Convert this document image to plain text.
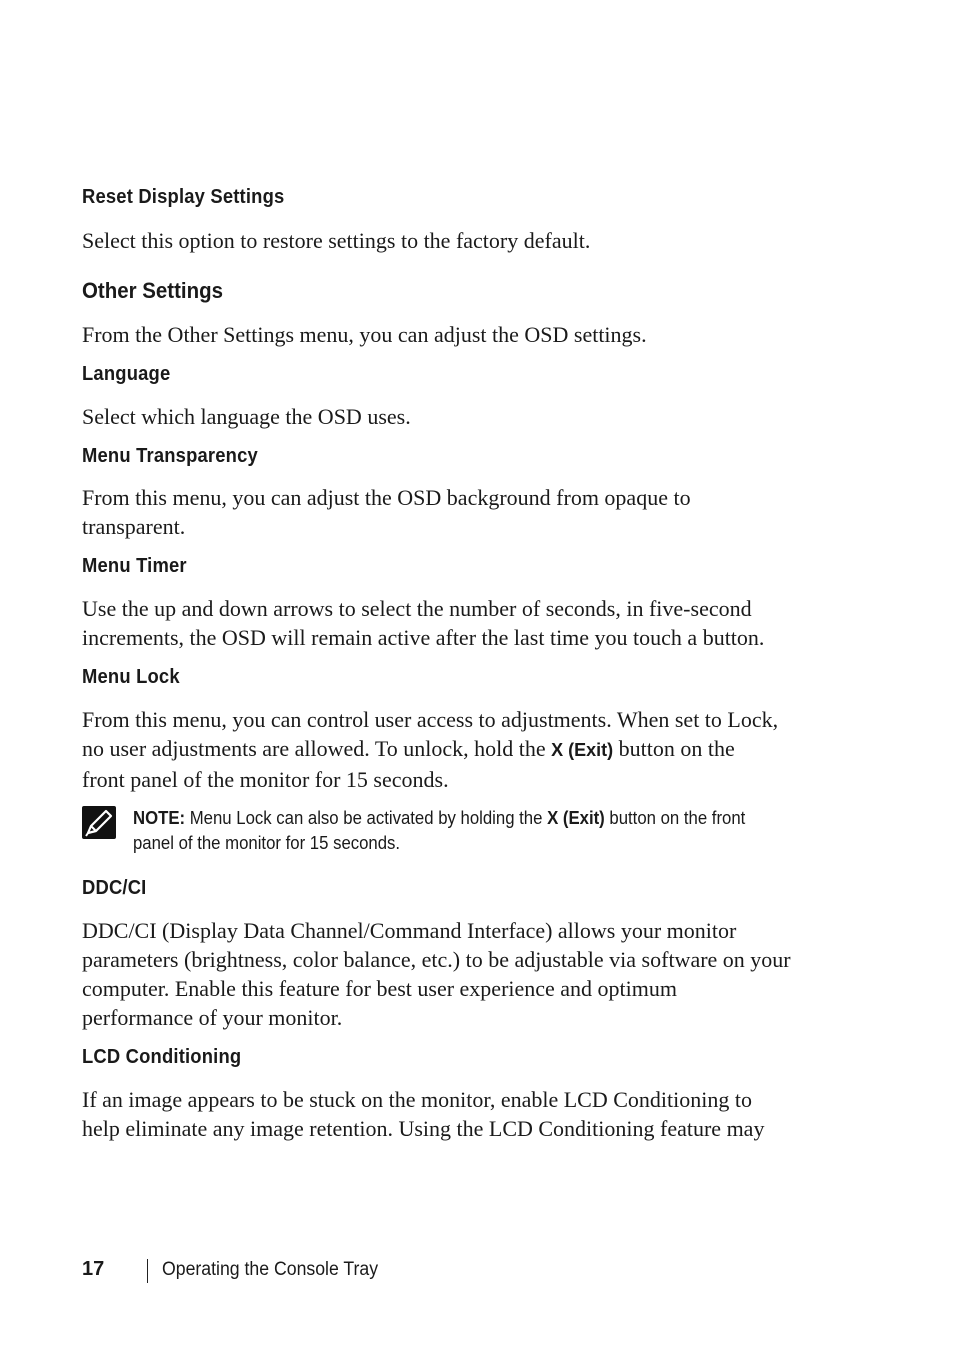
Reset Display Settings

Select this option to restore settings to the factory default.

Other Settings

From the Other Settings menu, you can adjust the OSD settings.

Language

Select which language the OSD uses.

Menu Transparency

From this menu, you can adjust the OSD background from opaque to
transparent.

Menu Timer

Use the up and down arrows to select the number of seconds, in five-second
increments, the OSD will remain active after the last time you touch a button.

Menu Lock

From this menu, you can control user access to adjustments. When set to Lock,
no user adjustments are allowed. To unlock, hold the X (Exit) button on the
front panel of the monitor for 15 seconds.

NOTE: Menu Lock can also be activated by holding the X (Exit) button on the front
panel of the monitor for 15 seconds.
DDC/CI

DDC/CI (Display Data Channel/Command Interface) allows your monitor
parameters (brightness, color balance, etc.) to be adjustable via software on your
computer. Enable this feature for best user experience and optimum
performance of your monitor.

LCD Conditioning

If an image appears to be stuck on the monitor, enable LCD Conditioning to
help eliminate any image retention. Using the LCD Conditioning feature may

17	Operating the Console Tray
